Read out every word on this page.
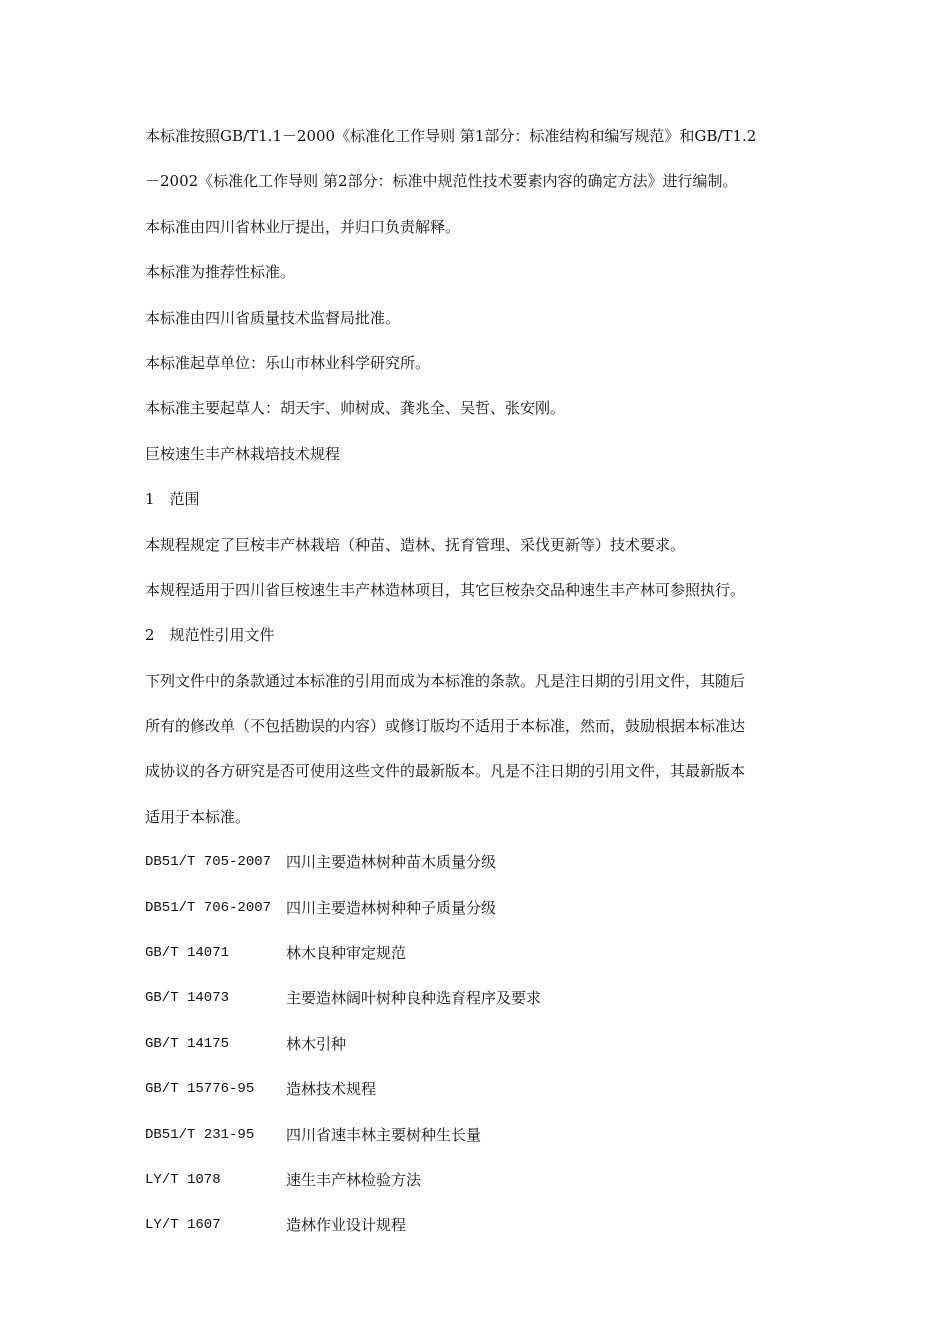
本标准按照GB/T1.1－2000《标准化工作导则 第1部分：标准结构和编写规范》和GB/T1.2
－2002《标准化工作导则 第2部分：标准中规范性技术要素内容的确定方法》进行编制。
本标准由四川省林业厅提出，并归口负责解释。
本标准为推荐性标准。
本标准由四川省质量技术监督局批准。
本标准起草单位：乐山市林业科学研究所。
本标准主要起草人：胡天宇、帅树成、龚兆全、吴哲、张安刚。
巨桉速生丰产林栽培技术规程
1　范围
本规程规定了巨桉丰产林栽培（种苗、造林、抚育管理、采伐更新等）技术要求。
本规程适用于四川省巨桉速生丰产林造林项目，其它巨桉杂交品种速生丰产林可参照执行。
2　规范性引用文件
下列文件中的条款通过本标准的引用而成为本标准的条款。凡是注日期的引用文件，其随后
所有的修改单（不包括勘误的内容）或修订版均不适用于本标准，然而，鼓励根据本标准达
成协议的各方研究是否可使用这些文件的最新版本。凡是不注日期的引用文件，其最新版本
适用于本标准。
DB51/T 705-2007 四川主要造林树种苗木质量分级
DB51/T 706-2007 四川主要造林树种种子质量分级
GB/T 14071	林木良种审定规范
GB/T 14073	主要造林阔叶树种良种选育程序及要求
GB/T 14175	林木引种
GB/T 15776-95	造林技术规程
DB51/T 231-95	四川省速丰林主要树种生长量
LY/T 1078	速生丰产林检验方法
LY/T 1607	造林作业设计规程
